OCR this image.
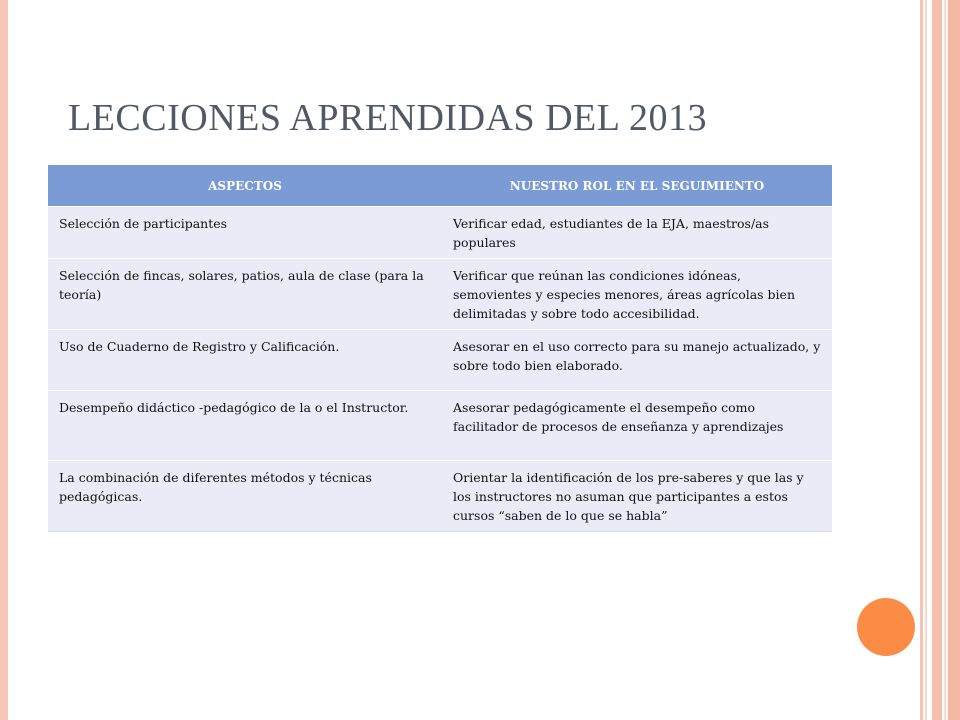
LECCIONES APRENDIDAS DEL 2013
ASPECTOS	NUESTRO ROL EN EL SEGUIMIENTO
Selección de participantes	Verificar edad, estudiantes de la EJA, maestros/as populares
Selección de fincas, solares, patios, aula de clase (para la teoría)	Verificar que reúnan las condiciones idóneas, semovientes y especies menores, áreas agrícolas bien delimitadas y sobre todo accesibilidad.
Uso de Cuaderno de Registro y Calificación.	Asesorar en el uso correcto para su manejo actualizado, y sobre todo bien elaborado.
Desempeño didáctico -pedagógico de la o el Instructor.	Asesorar pedagógicamente el desempeño como facilitador de procesos de enseñanza y aprendizajes
La combinación de diferentes métodos y técnicas pedagógicas.	Orientar la identificación de los pre-saberes y que las y los instructores no asuman que participantes a estos cursos “saben de lo que se habla”
